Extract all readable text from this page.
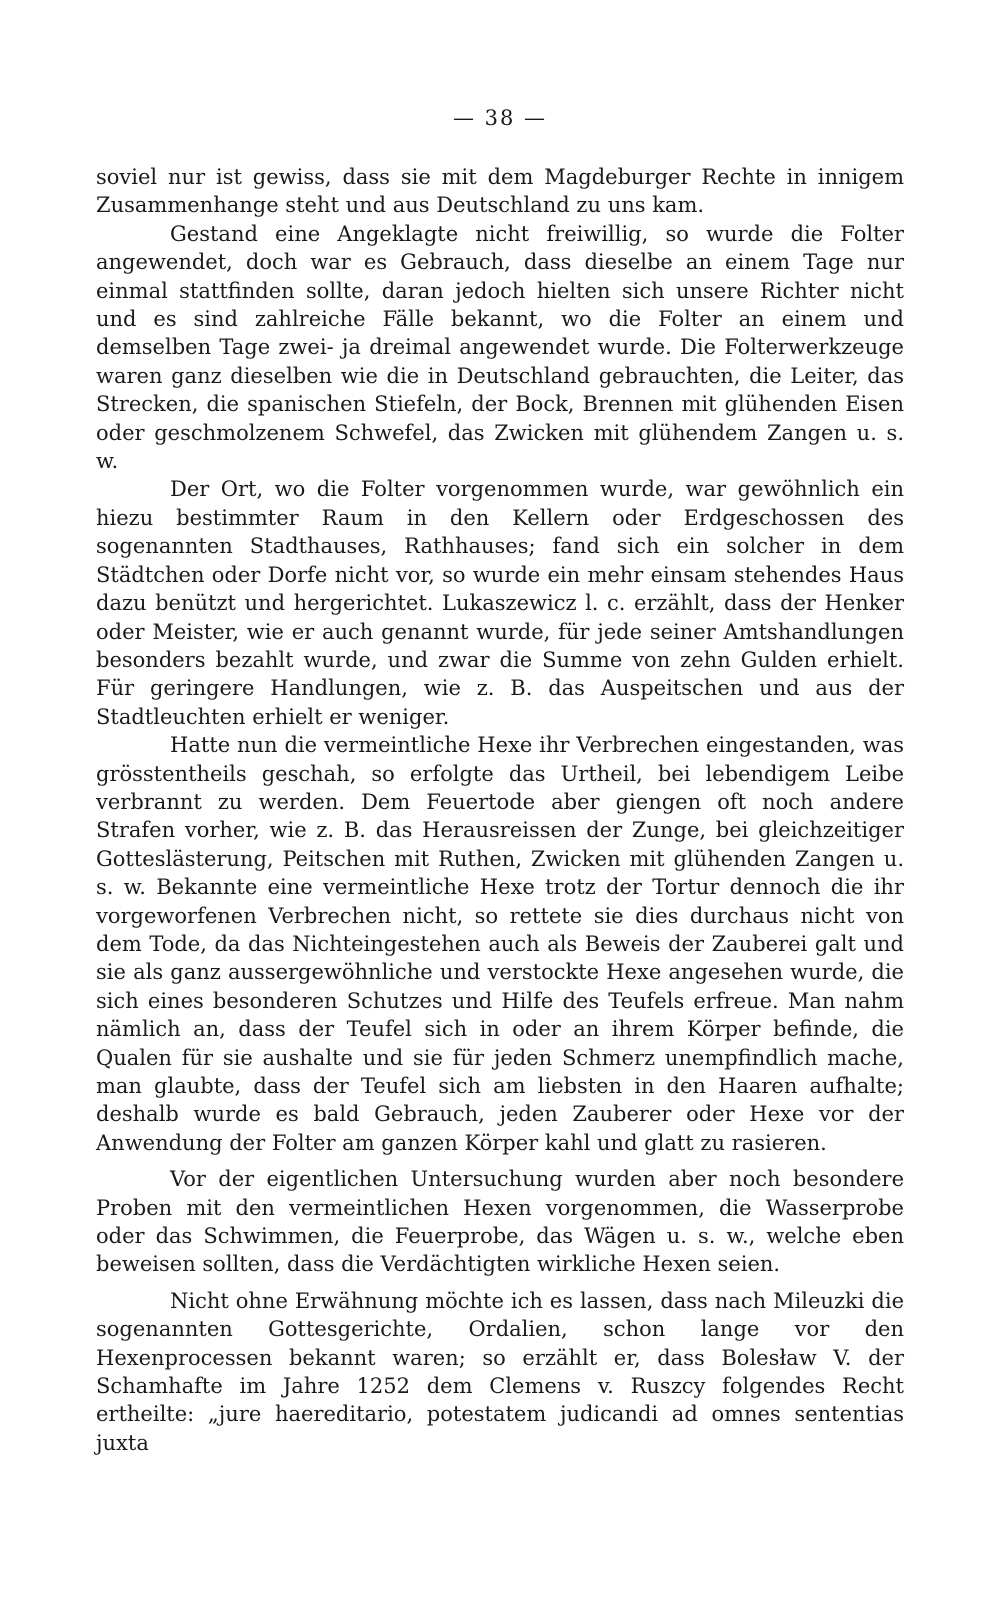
— 38 —

soviel nur ist gewiss, dass sie mit dem Magdeburger Rechte in innigem Zusammenhange steht und aus Deutschland zu uns kam.

Gestand eine Angeklagte nicht freiwillig, so wurde die Folter angewendet, doch war es Gebrauch, dass dieselbe an einem Tage nur einmal stattfinden sollte, daran jedoch hielten sich unsere Richter nicht und es sind zahlreiche Fälle bekannt, wo die Folter an einem und demselben Tage zwei- ja dreimal angewendet wurde. Die Folterwerkzeuge waren ganz dieselben wie die in Deutschland gebrauchten, die Leiter, das Strecken, die spanischen Stiefeln, der Bock, Brennen mit glühenden Eisen oder geschmolzenem Schwefel, das Zwicken mit glühendem Zangen u. s. w.

Der Ort, wo die Folter vorgenommen wurde, war gewöhnlich ein hiezu bestimmter Raum in den Kellern oder Erdgeschossen des sogenannten Stadthauses, Rathhauses; fand sich ein solcher in dem Städtchen oder Dorfe nicht vor, so wurde ein mehr einsam stehendes Haus dazu benützt und hergerichtet. Lukaszewicz l. c. erzählt, dass der Henker oder Meister, wie er auch genannt wurde, für jede seiner Amtshandlungen besonders bezahlt wurde, und zwar die Summe von zehn Gulden erhielt. Für geringere Handlungen, wie z. B. das Auspeitschen und aus der Stadtleuchten erhielt er weniger.

Hatte nun die vermeintliche Hexe ihr Verbrechen eingestanden, was grösstentheils geschah, so erfolgte das Urtheil, bei lebendigem Leibe verbrannt zu werden. Dem Feuertode aber giengen oft noch andere Strafen vorher, wie z. B. das Herausreissen der Zunge, bei gleichzeitiger Gotteslästerung, Peitschen mit Ruthen, Zwicken mit glühenden Zangen u. s. w. Bekannte eine vermeintliche Hexe trotz der Tortur dennoch die ihr vorgeworfenen Verbrechen nicht, so rettete sie dies durchaus nicht von dem Tode, da das Nichteingestehen auch als Beweis der Zauberei galt und sie als ganz aussergewöhnliche und verstockte Hexe angesehen wurde, die sich eines besonderen Schutzes und Hilfe des Teufels erfreue. Man nahm nämlich an, dass der Teufel sich in oder an ihrem Körper befinde, die Qualen für sie aushalte und sie für jeden Schmerz unempfindlich mache, man glaubte, dass der Teufel sich am liebsten in den Haaren aufhalte; deshalb wurde es bald Gebrauch, jeden Zauberer oder Hexe vor der Anwendung der Folter am ganzen Körper kahl und glatt zu rasieren.

Vor der eigentlichen Untersuchung wurden aber noch besondere Proben mit den vermeintlichen Hexen vorgenommen, die Wasserprobe oder das Schwimmen, die Feuerprobe, das Wägen u. s. w., welche eben beweisen sollten, dass die Verdächtigten wirkliche Hexen seien.

Nicht ohne Erwähnung möchte ich es lassen, dass nach Mileuzki die sogenannten Gottesgerichte, Ordalien, schon lange vor den Hexenprocessen bekannt waren; so erzählt er, dass Bolesław V. der Schamhafte im Jahre 1252 dem Clemens v. Ruszcy folgendes Recht ertheilte: „jure haereditario, potestatem judicandi ad omnes sententias juxta
